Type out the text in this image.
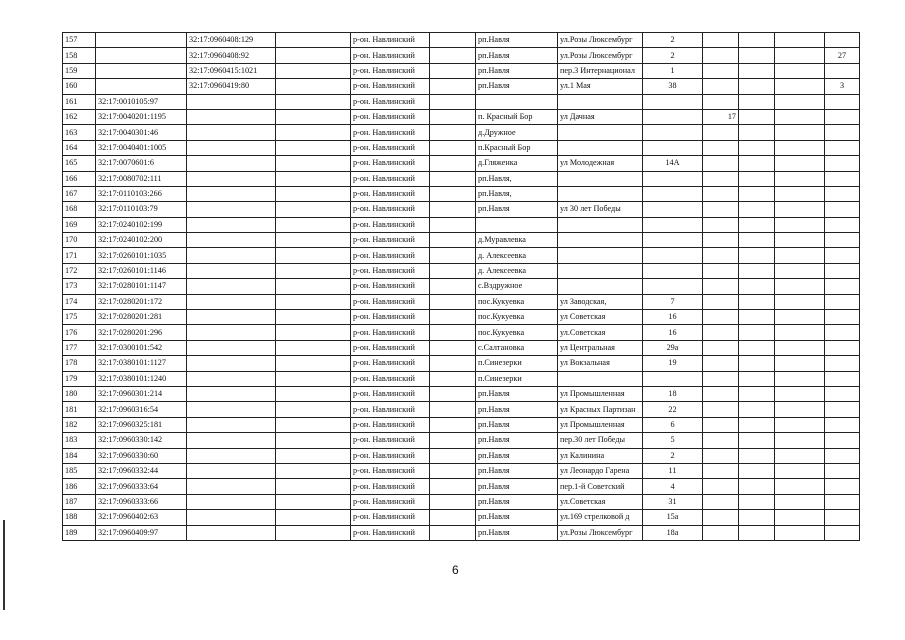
157		32:17:0960408:129		р-он. Навлинский		рп.Навля	ул.Розы Люксембург	2				
158		32:17:0960408:92		р-он. Навлинский		рп.Навля	ул.Розы Люксембург	2				27
159		32:17:0960415:1021		р-он. Навлинский		рп.Навля	пер.3 Интернационал	1				
160		32:17:0960419:80		р-он. Навлинский		рп.Навля	ул.1 Мая	38				3
161	32:17:0010105:97			р-он. Навлинский								
162	32:17:0040201:1195			р-он. Навлинский		п. Красный Бор	ул Дачная		17			
163	32:17:0040301:46			р-он. Навлинский		д.Дружное						
164	32:17:0040401:1005			р-он. Навлинский		п.Красный Бор						
165	32:17:0070601:6			р-он. Навлинский		д.Гляженка	ул Молодежная	14А				
166	32:17:0080702:111			р-он. Навлинский		рп.Навля,						
167	32:17:0110103:266			р-он. Навлинский		рп.Навля,						
168	32:17:0110103:79			р-он. Навлинский		рп.Навля	ул 30 лет Победы					
169	32:17:0240102:199			р-он. Навлинский								
170	32:17:0240102:200			р-он. Навлинский		д.Муравлевка						
171	32:17:0260101:1035			р-он. Навлинский		д. Алексеевка						
172	32:17:0260101:1146			р-он. Навлинский		д. Алексеевка						
173	32:17:0280101:1147			р-он. Навлинский		с.Вздружное						
174	32:17:0280201:172			р-он. Навлинский		пос.Кукуевка	ул Заводская,	7				
175	32:17:0280201:281			р-он. Навлинский		пос.Кукуевка	ул Советская	16				
176	32:17:0280201:296			р-он. Навлинский		пос.Кукуевка	ул.Советская	16				
177	32:17:0300101:542			р-он. Навлинский		с.Салтановка	ул Центральная	29а				
178	32:17:0380101:1127			р-он. Навлинский		п.Синезерки	ул Вокзальная	19				
179	32:17:0380101:1240			р-он. Навлинский		п.Синезерки						
180	32:17:0960301:214			р-он. Навлинский		рп.Навля	ул Промышленная	18				
181	32:17:0960316:54			р-он. Навлинский		рп.Навля	ул Красных Партизан	22				
182	32:17:0960325:181			р-он. Навлинский		рп.Навля	ул Промышленная	6				
183	32:17:0960330:142			р-он. Навлинский		рп.Навля	пер.30 лет Победы	5				
184	32:17:0960330:60			р-он. Навлинский		рп.Навля	ул Калинина	2				
185	32:17:0960332:44			р-он. Навлинский		рп.Навля	ул Леонардо Гарена	11				
186	32:17:0960333:64			р-он. Навлинский		рп.Навля	пер.1-й Советский	4				
187	32:17:0960333:66			р-он. Навлинский		рп.Навля	ул.Советская	31				
188	32:17:0960402:63			р-он. Навлинский		рп.Навля	ул.169 стрелковой д	15а				
189	32:17:0960409:97			р-он. Навлинский		рп.Навля	ул.Розы Люксембург	18а				
6
